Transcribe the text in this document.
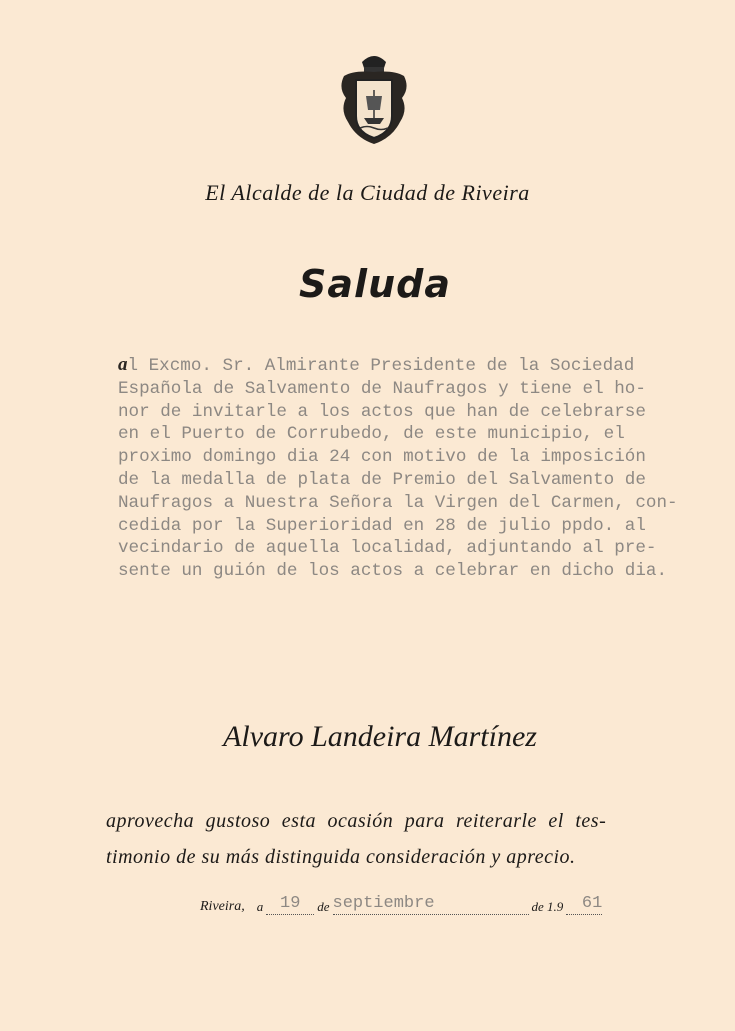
El Alcalde de la Ciudad de Riveira
Saluda
al Excmo. Sr. Almirante Presidente de la Sociedad
Española de Salvamento de Naufragos y tiene el ho-
nor de invitarle a los actos que han de celebrarse
en el Puerto de Corrubedo, de este municipio, el
proximo domingo dia 24 con motivo de la imposición
de la medalla de plata de Premio del Salvamento de
Naufragos a Nuestra Señora la Virgen del Carmen, con-
cedida por la Superioridad en 28 de julio ppdo. al
vecindario de aquella localidad, adjuntando al pre-
sente un guión de los actos a celebrar en dicho dia.
Alvaro Landeira Martínez
aprovecha gustoso esta ocasión para reiterarle el tes-
timonio de su más distinguida consideración y aprecio.
Riveira, a 19	de septiembre	de 1.9	61
